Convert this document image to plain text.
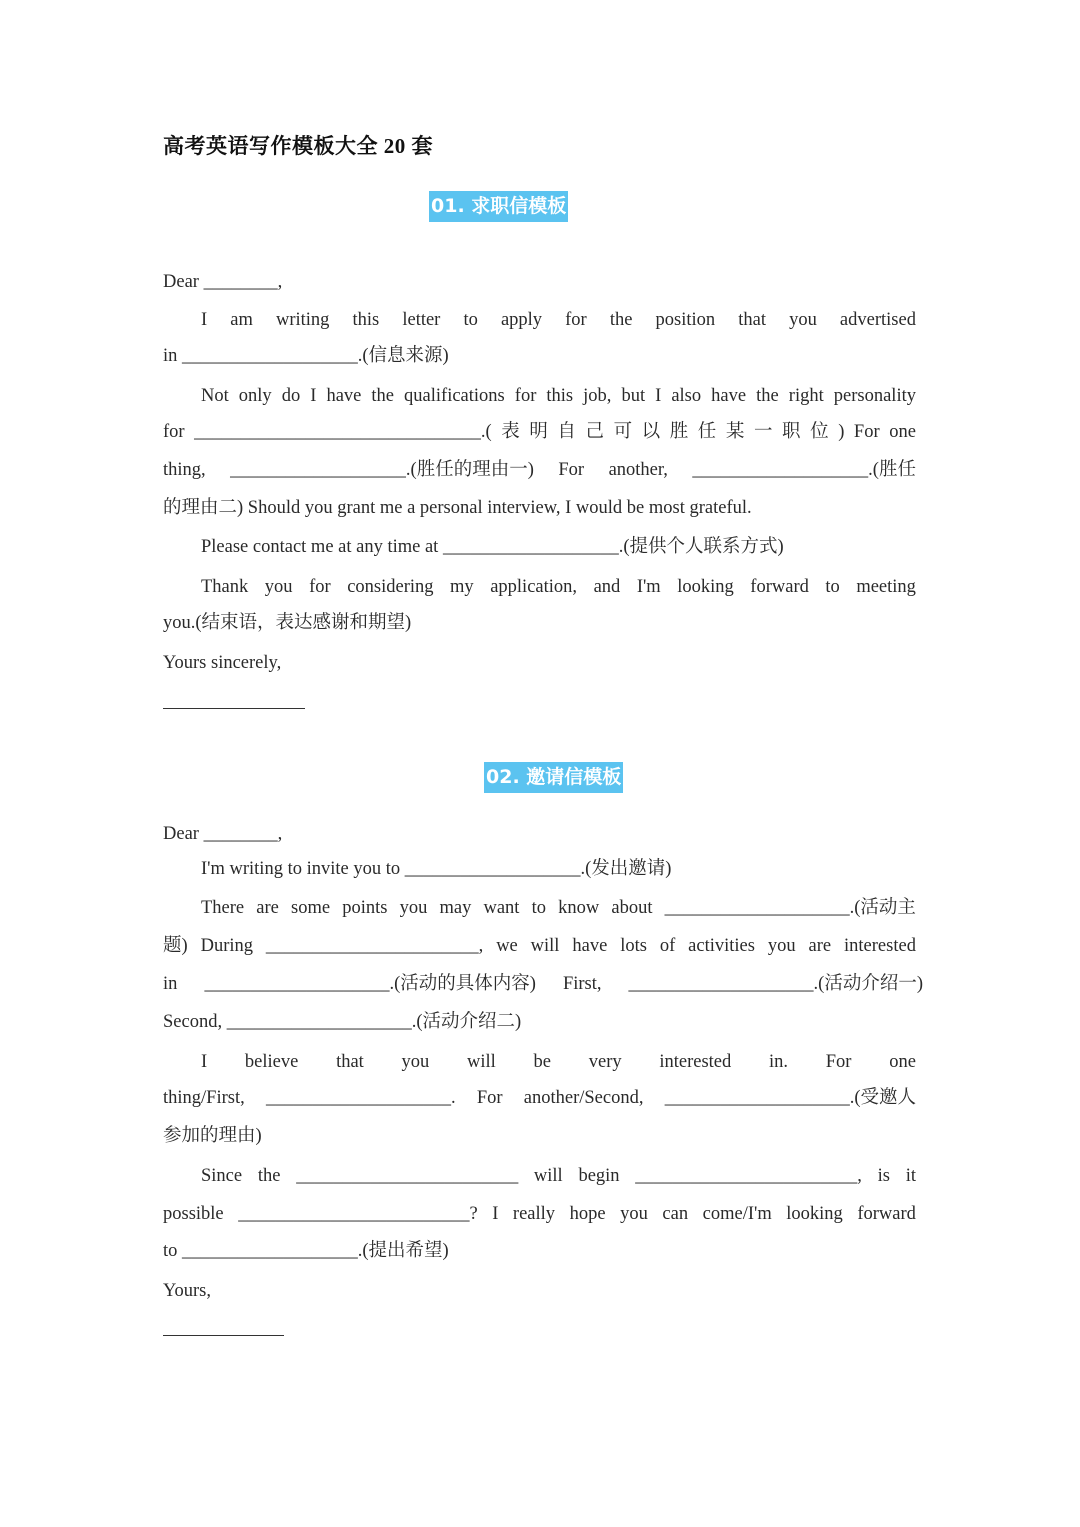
高考英语写作模板大全 20 套
01. 求职信模板
Dear ________,
I am writing this letter to apply for the position that you advertised
in ___________________.(信息来源)
Not only do I have the qualifications for this job, but I also have the right personality
for _______________________________.( 表 明 自 己 可 以 胜 任 某 一 职 位 ) For one
thing, ___________________.(胜任的理由一) For another, ___________________.(胜任
的理由二) Should you grant me a personal interview, I would be most grateful.
Please contact me at any time at ___________________.(提供个人联系方式)
Thank you for considering my application, and I'm looking forward to meeting
you.(结束语，表达感谢和期望)
Yours sincerely,
02. 邀请信模板
Dear ________,
I'm writing to invite you to ___________________.(发出邀请)
There are some points you may want to know about ____________________.(活动主
题) During _______________________, we will have lots of activities you are interested
in ____________________.(活动的具体内容) First, ____________________.(活动介绍一)
Second, ____________________.(活动介绍二)
I believe that you will be very interested in. For one
thing/First, ____________________. For another/Second, ____________________.(受邀人
参加的理由)
Since the ________________________ will begin ________________________, is it
possible _________________________? I really hope you can come/I'm looking forward
to ___________________.(提出希望)
Yours,
